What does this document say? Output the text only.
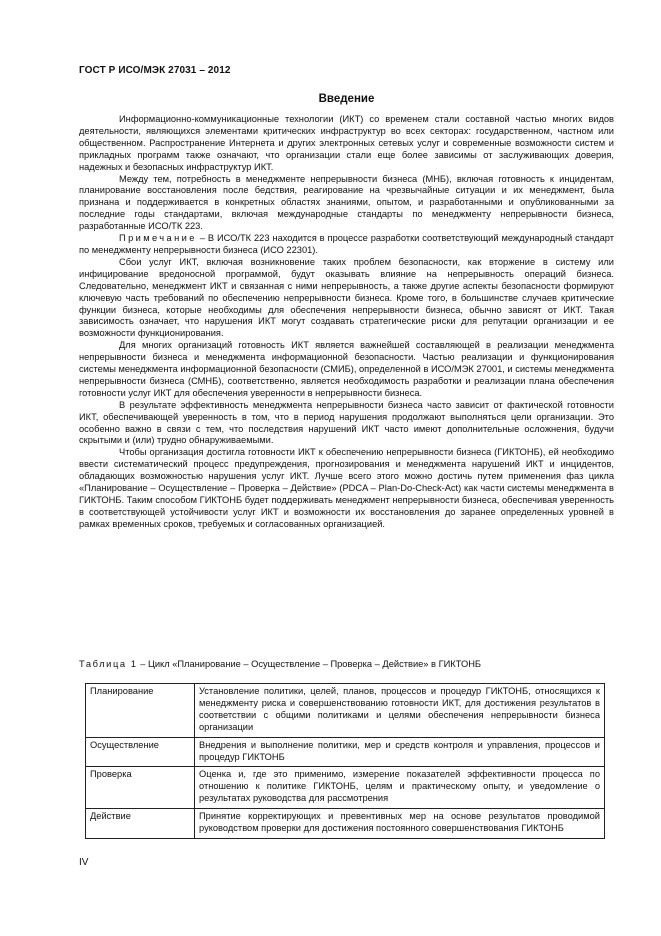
ГОСТ Р ИСО/МЭК 27031 – 2012
Введение

Информационно-коммуникационные технологии (ИКТ) со временем стали составной частью многих видов деятельности, являющихся элементами критических инфраструктур во всех секторах: государственном, частном или общественном. Распространение Интернета и других электронных сетевых услуг и современные возможности систем и прикладных программ также означают, что организации стали еще более зависимы от заслуживающих доверия, надежных и безопасных инфраструктур ИКТ.

Между тем, потребность в менеджменте непрерывности бизнеса (МНБ), включая готовность к инцидентам, планирование восстановления после бедствия, реагирование на чрезвычайные ситуации и их менеджмент, была признана и поддерживается в конкретных областях знаниями, опытом, и разработанными и опубликованными за последние годы стандартами, включая международные стандарты по менеджменту непрерывности бизнеса, разработанные ИСО/ТК 223.

Примечание – В ИСО/ТК 223 находится в процессе разработки соответствующий международный стандарт по менеджменту непрерывности бизнеса (ИСО 22301).

Сбои услуг ИКТ, включая возникновение таких проблем безопасности, как вторжение в систему или инфицирование вредоносной программой, будут оказывать влияние на непрерывность операций бизнеса. Следовательно, менеджмент ИКТ и связанная с ними непрерывность, а также другие аспекты безопасности формируют ключевую часть требований по обеспечению непрерывности бизнеса. Кроме того, в большинстве случаев критические функции бизнеса, которые необходимы для обеспечения непрерывности бизнеса, обычно зависят от ИКТ. Такая зависимость означает, что нарушения ИКТ могут создавать стратегические риски для репутации организации и ее возможности функционирования.

Для многих организаций готовность ИКТ является важнейшей составляющей в реализации менеджмента непрерывности бизнеса и менеджмента информационной безопасности. Частью реализации и функционирования системы менеджмента информационной безопасности (СМИБ), определенной в ИСО/МЭК 27001, и системы менеджмента непрерывности бизнеса (СМНБ), соответственно, является необходимость разработки и реализации плана обеспечения готовности услуг ИКТ для обеспечения уверенности в непрерывности бизнеса.

В результате эффективность менеджмента непрерывности бизнеса часто зависит от фактической готовности ИКТ, обеспечивающей уверенность в том, что в период нарушения продолжают выполняться цели организации. Это особенно важно в связи с тем, что последствия нарушений ИКТ часто имеют дополнительные осложнения, будучи скрытыми и (или) трудно обнаруживаемыми.

Чтобы организация достигла готовности ИКТ к обеспечению непрерывности бизнеса (ГИКТОНБ), ей необходимо ввести систематический процесс предупреждения, прогнозирования и менеджмента нарушений ИКТ и инцидентов, обладающих возможностью нарушения услуг ИКТ. Лучше всего этого можно достичь путем применения фаз цикла «Планирование – Осуществление – Проверка – Действие» (PDCA – Plan-Do-Check-Act) как части системы менеджмента в ГИКТОНБ. Таким способом ГИКТОНБ будет поддерживать менеджмент непрерывности бизнеса, обеспечивая уверенность в соответствующей устойчивости услуг ИКТ и возможности их восстановления до заранее определенных уровней в рамках временных сроков, требуемых и согласованных организацией.

Таблица 1 – Цикл «Планирование – Осуществление – Проверка – Действие» в ГИКТОНБ
Планирование	Установление политики, целей, планов, процессов и процедур ГИКТОНБ, относящихся к менеджменту риска и совершенствованию готовности ИКТ, для достижения результатов в соответствии с общими политиками и целями обеспечения непрерывности бизнеса организации
Осуществление	Внедрения и выполнение политики, мер и средств контроля и управления, процессов и процедур ГИКТОНБ
Проверка	Оценка и, где это применимо, измерение показателей эффективности процесса по отношению к политике ГИКТОНБ, целям и практическому опыту, и уведомление о результатах руководства для рассмотрения
Действие	Принятие корректирующих и превентивных мер на основе результатов проводимой руководством проверки для достижения постоянного совершенствования ГИКТОНБ
IV
